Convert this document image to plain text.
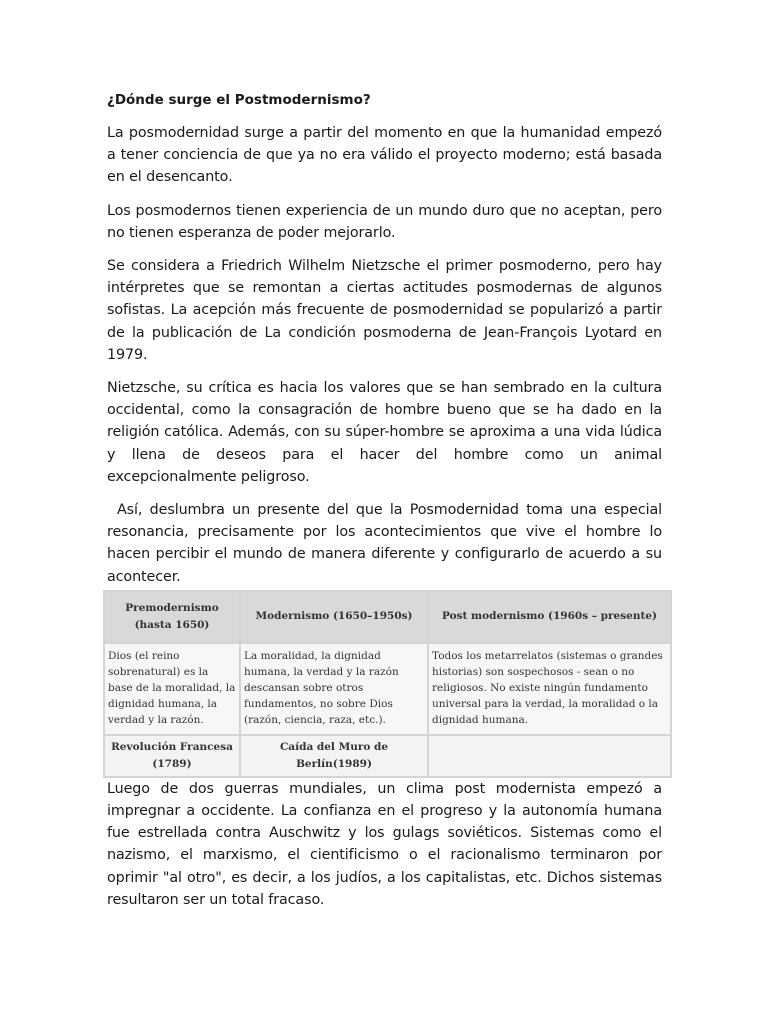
¿Dónde surge el Postmodernismo?

La posmodernidad surge a partir del momento en que la humanidad empezó a tener conciencia de que ya no era válido el proyecto moderno; está basada en el desencanto.

Los posmodernos tienen experiencia de un mundo duro que no aceptan, pero no tienen esperanza de poder mejorarlo.

Se considera a Friedrich Wilhelm Nietzsche el primer posmoderno, pero hay intérpretes que se remontan a ciertas actitudes posmodernas de algunos sofistas. La acepción más frecuente de posmodernidad se popularizó a partir de la publicación de La condición posmoderna de Jean-François Lyotard en 1979.

Nietzsche, su crítica es hacia los valores que se han sembrado en la cultura occidental, como la consagración de hombre bueno que se ha dado en la religión católica. Además, con su súper-hombre se aproxima a una vida lúdica y llena de deseos para el hacer del hombre como un animal excepcionalmente peligroso.

Así, deslumbra un presente del que la Posmodernidad toma una especial resonancia, precisamente por los acontecimientos que vive el hombre lo hacen percibir el mundo de manera diferente y configurarlo de acuerdo a su acontecer.

Premodernismo (hasta 1650)	Modernismo (1650–1950s)	Post modernismo (1960s – presente)
Dios (el reino sobrenatural) es la base de la moralidad, la dignidad humana, la verdad y la razón.	La moralidad, la dignidad humana, la verdad y la razón descansan sobre otros fundamentos, no sobre Dios (razón, ciencia, raza, etc.).	Todos los metarrelatos (sistemas o grandes historias) son sospechosos - sean o no religiosos. No existe ningún fundamento universal para la verdad, la moralidad o la dignidad humana.
Revolución Francesa (1789)	Caída del Muro de Berlín(1989)	

Luego de dos guerras mundiales, un clima post modernista empezó a impregnar a occidente. La confianza en el progreso y la autonomía humana fue estrellada contra Auschwitz y los gulags soviéticos. Sistemas como el nazismo, el marxismo, el cientificismo o el racionalismo terminaron por oprimir "al otro", es decir, a los judíos, a los capitalistas, etc. Dichos sistemas resultaron ser un total fracaso.
